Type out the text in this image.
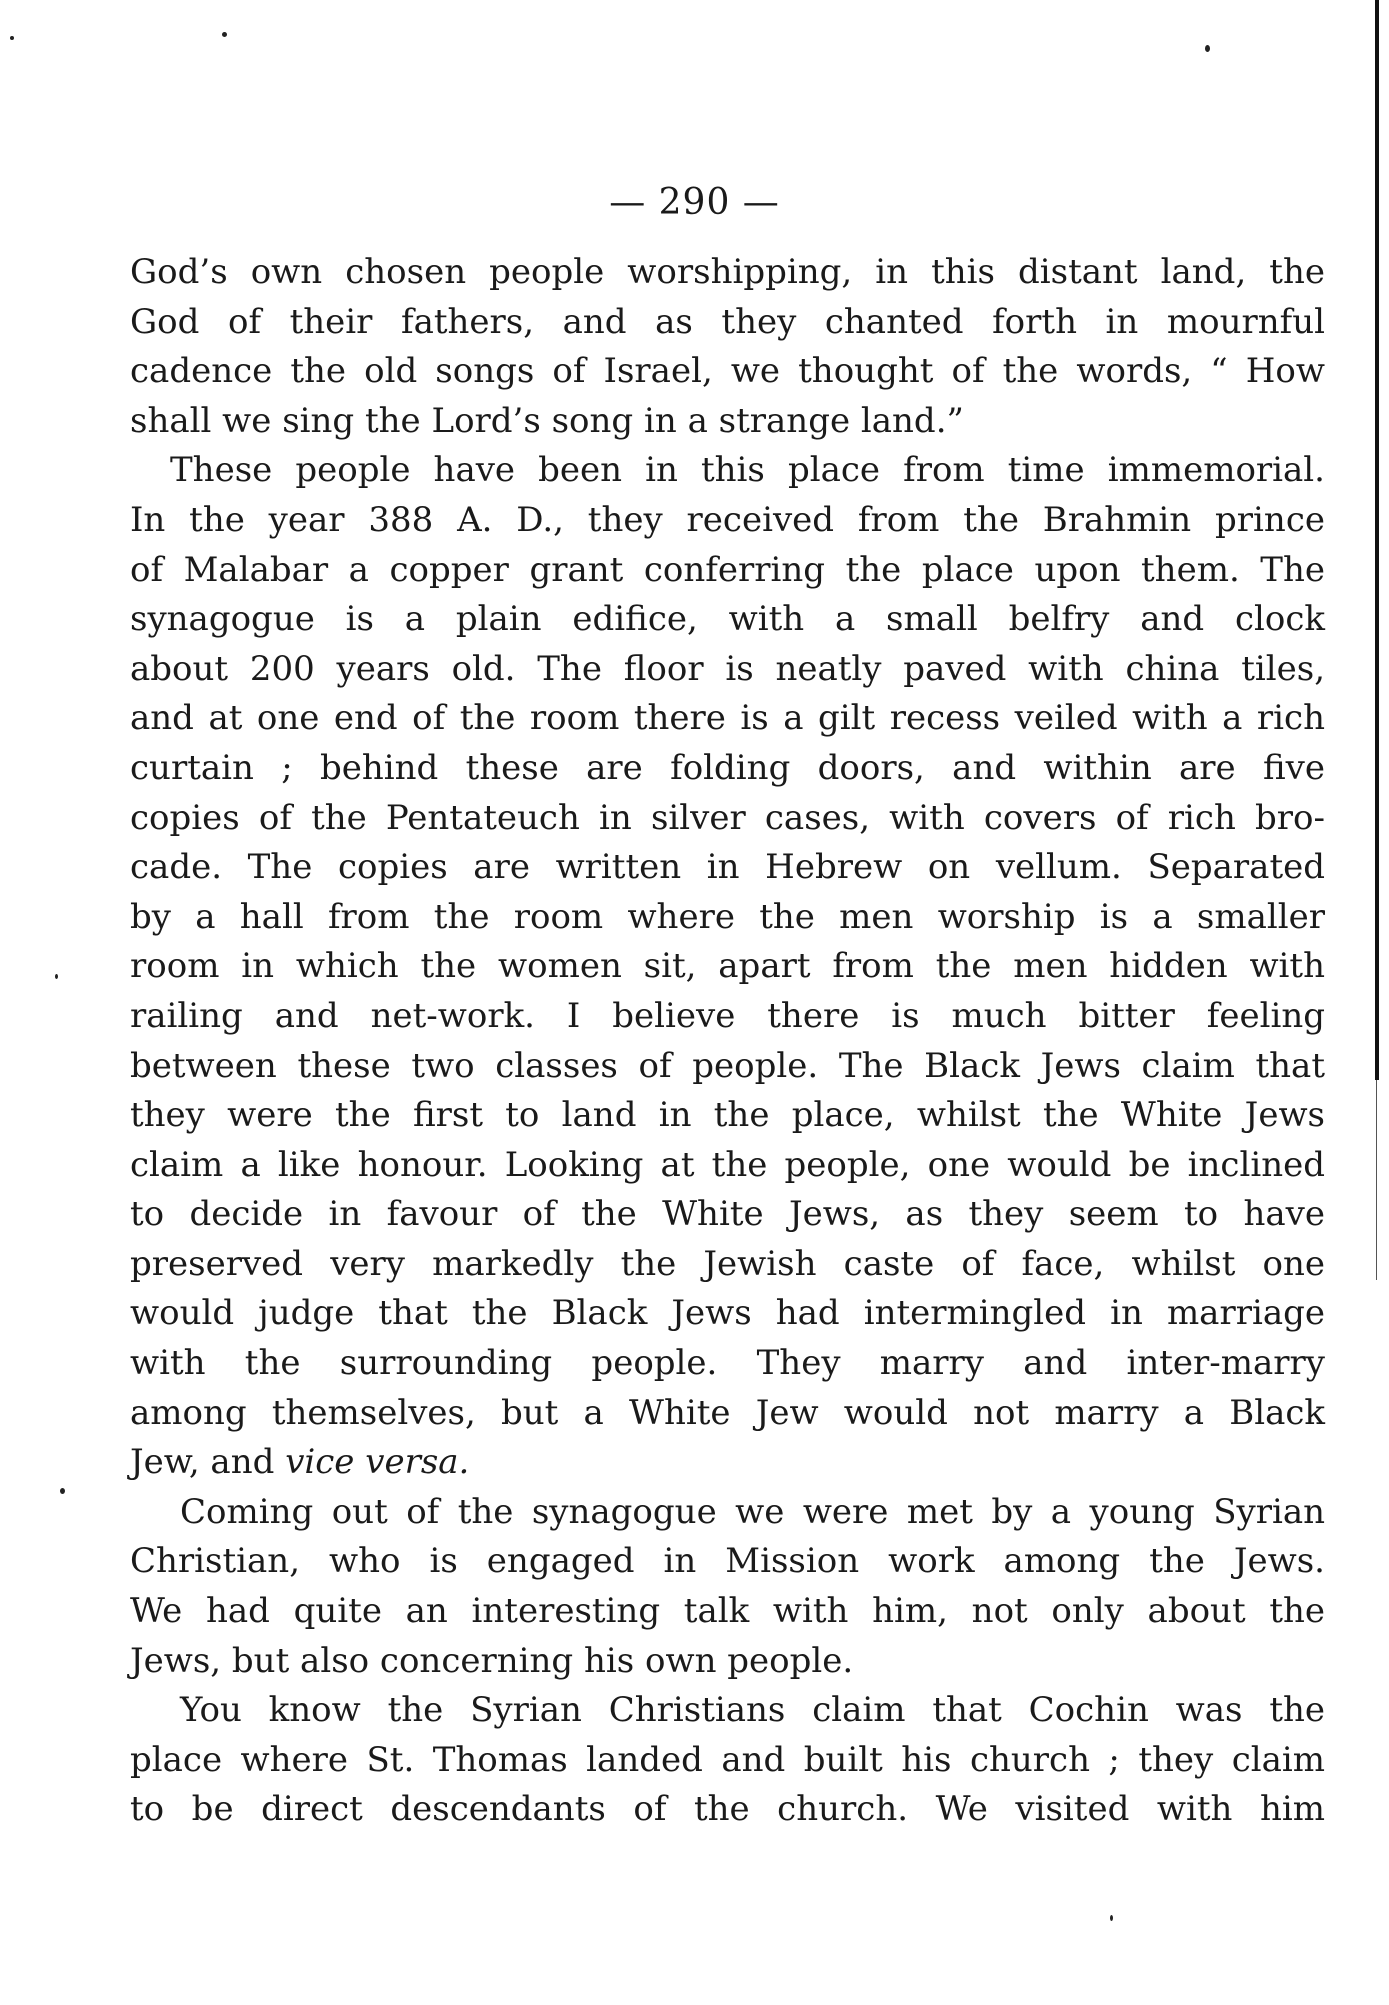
— 290 —
God’s own chosen people worshipping, in this distant land, the
God of their fathers, and as they chanted forth in mournful
cadence the old songs of Israel, we thought of the words, “ How
shall we sing the Lord’s song in a strange land.”
These people have been in this place from time immemorial.
In the year 388 A. D., they received from the Brahmin prince
of Malabar a copper grant conferring the place upon them. The
synagogue is a plain edifice, with a small belfry and clock
about 200 years old. The floor is neatly paved with china tiles,
and at one end of the room there is a gilt recess veiled with a rich
curtain ; behind these are folding doors, and within are five
copies of the Pentateuch in silver cases, with covers of rich bro-
cade. The copies are written in Hebrew on vellum. Separated
by a hall from the room where the men worship is a smaller
room in which the women sit, apart from the men hidden with
railing and net-work. I believe there is much bitter feeling
between these two classes of people. The Black Jews claim that
they were the first to land in the place, whilst the White Jews
claim a like honour. Looking at the people, one would be inclined
to decide in favour of the White Jews, as they seem to have
preserved very markedly the Jewish caste of face, whilst one
would judge that the Black Jews had intermingled in marriage
with the surrounding people. They marry and inter-marry
among themselves, but a White Jew would not marry a Black
Jew, and vice versa.
Coming out of the synagogue we were met by a young Syrian
Christian, who is engaged in Mission work among the Jews.
We had quite an interesting talk with him, not only about the
Jews, but also concerning his own people.
You know the Syrian Christians claim that Cochin was the
place where St. Thomas landed and built his church ; they claim
to be direct descendants of the church. We visited with him
